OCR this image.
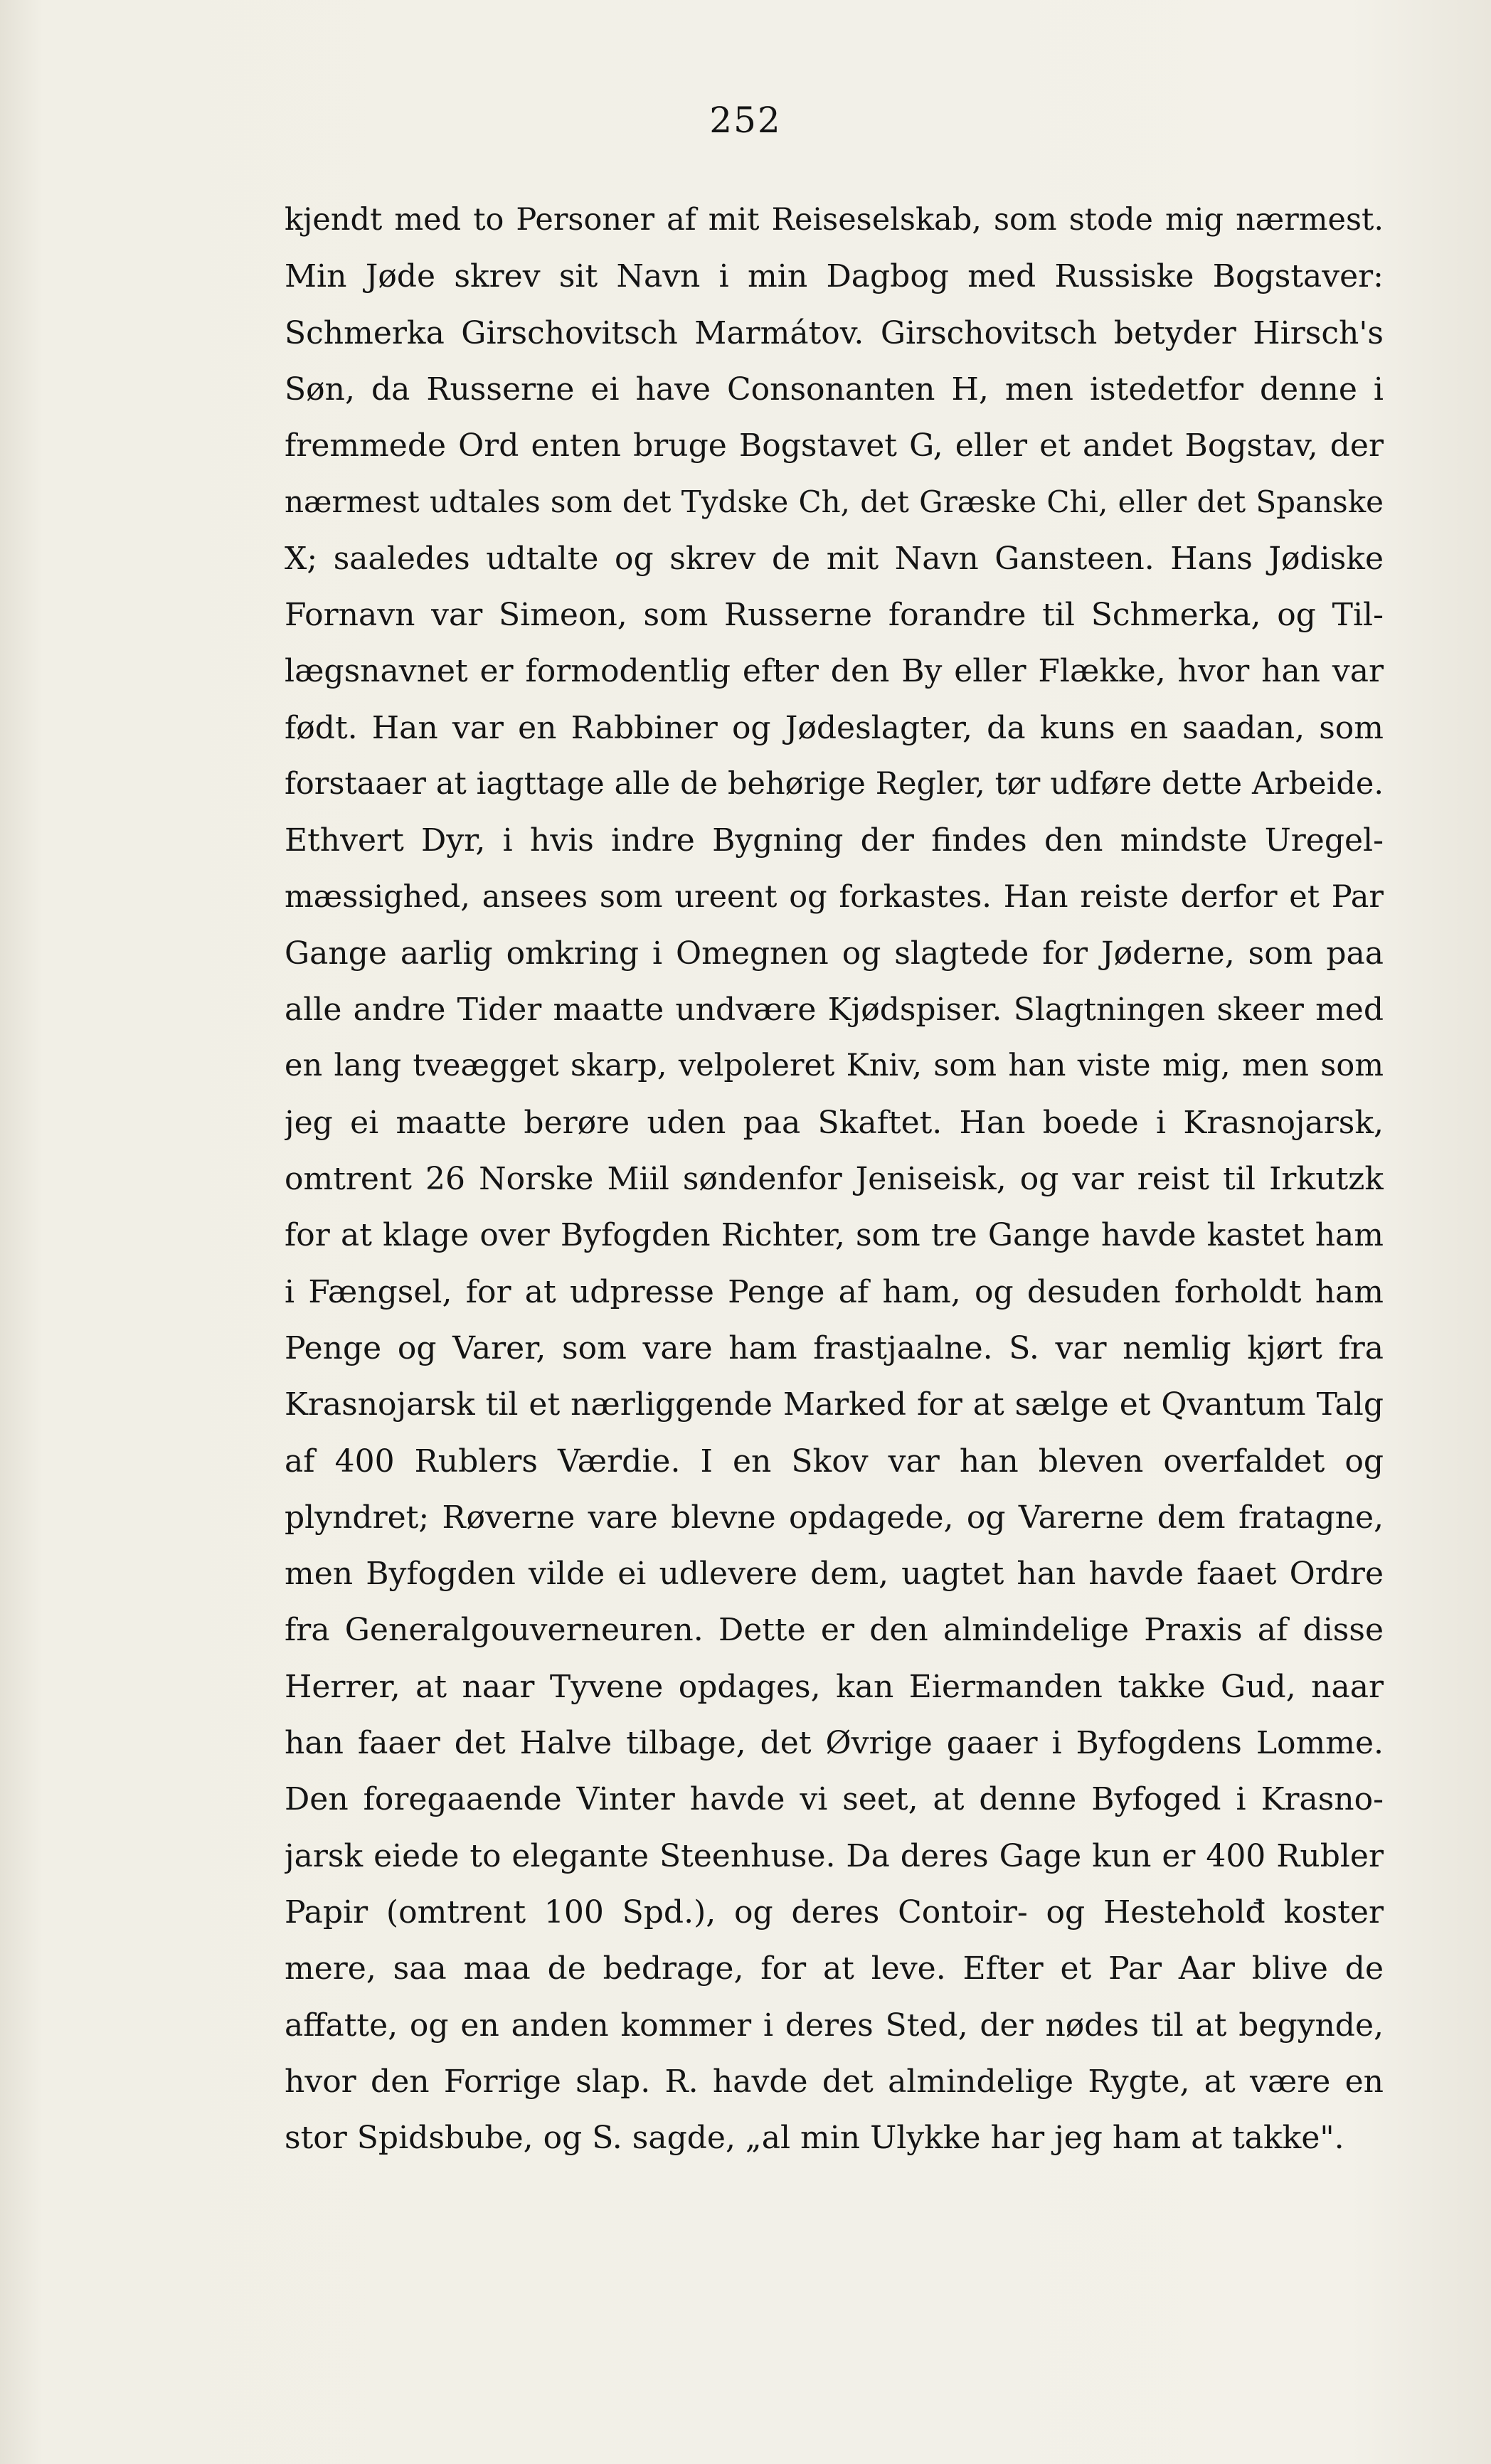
252
kjendt med to Personer af mit Reiseselskab, som stode mig nærmest.
Min Jøde skrev sit Navn i min Dagbog med Russiske Bogstaver:
Schmerka Girschovitsch Marmátov. Girschovitsch betyder Hirsch's
Søn, da Russerne ei have Consonanten H, men istedetfor denne i
fremmede Ord enten bruge Bogstavet G, eller et andet Bogstav, der
nærmest udtales som det Tydske Ch, det Græske Chi, eller det Spanske
X; saaledes udtalte og skrev de mit Navn Gansteen. Hans Jødiske
Fornavn var Simeon, som Russerne forandre til Schmerka, og Til-
lægsnavnet er formodentlig efter den By eller Flække, hvor han var
født. Han var en Rabbiner og Jødeslagter, da kuns en saadan, som
forstaaer at iagttage alle de behørige Regler, tør udføre dette Arbeide.
Ethvert Dyr, i hvis indre Bygning der findes den mindste Uregel-
mæssighed, ansees som ureent og forkastes. Han reiste derfor et Par
Gange aarlig omkring i Omegnen og slagtede for Jøderne, som paa
alle andre Tider maatte undvære Kjødspiser. Slagtningen skeer med
en lang tveægget skarp, velpoleret Kniv, som han viste mig, men som
jeg ei maatte berøre uden paa Skaftet. Han boede i Krasnojarsk,
omtrent 26 Norske Miil søndenfor Jeniseisk, og var reist til Irkutzk
for at klage over Byfogden Richter, som tre Gange havde kastet ham
i Fængsel, for at udpresse Penge af ham, og desuden forholdt ham
Penge og Varer, som vare ham frastjaalne. S. var nemlig kjørt fra
Krasnojarsk til et nærliggende Marked for at sælge et Qvantum Talg
af 400 Rublers Værdie. I en Skov var han bleven overfaldet og
plyndret; Røverne vare blevne opdagede, og Varerne dem fratagne,
men Byfogden vilde ei udlevere dem, uagtet han havde faaet Ordre
fra Generalgouverneuren. Dette er den almindelige Praxis af disse
Herrer, at naar Tyvene opdages, kan Eiermanden takke Gud, naar
han faaer det Halve tilbage, det Øvrige gaaer i Byfogdens Lomme.
Den foregaaende Vinter havde vi seet, at denne Byfoged i Krasno-
jarsk eiede to elegante Steenhuse. Da deres Gage kun er 400 Rubler
Papir (omtrent 100 Spd.), og deres Contoir- og Hesteholđ koster
mere, saa maa de bedrage, for at leve. Efter et Par Aar blive de
affatte, og en anden kommer i deres Sted, der nødes til at begynde,
hvor den Forrige slap. R. havde det almindelige Rygte, at være en
stor Spidsbube, og S. sagde, „al min Ulykke har jeg ham at takke".
